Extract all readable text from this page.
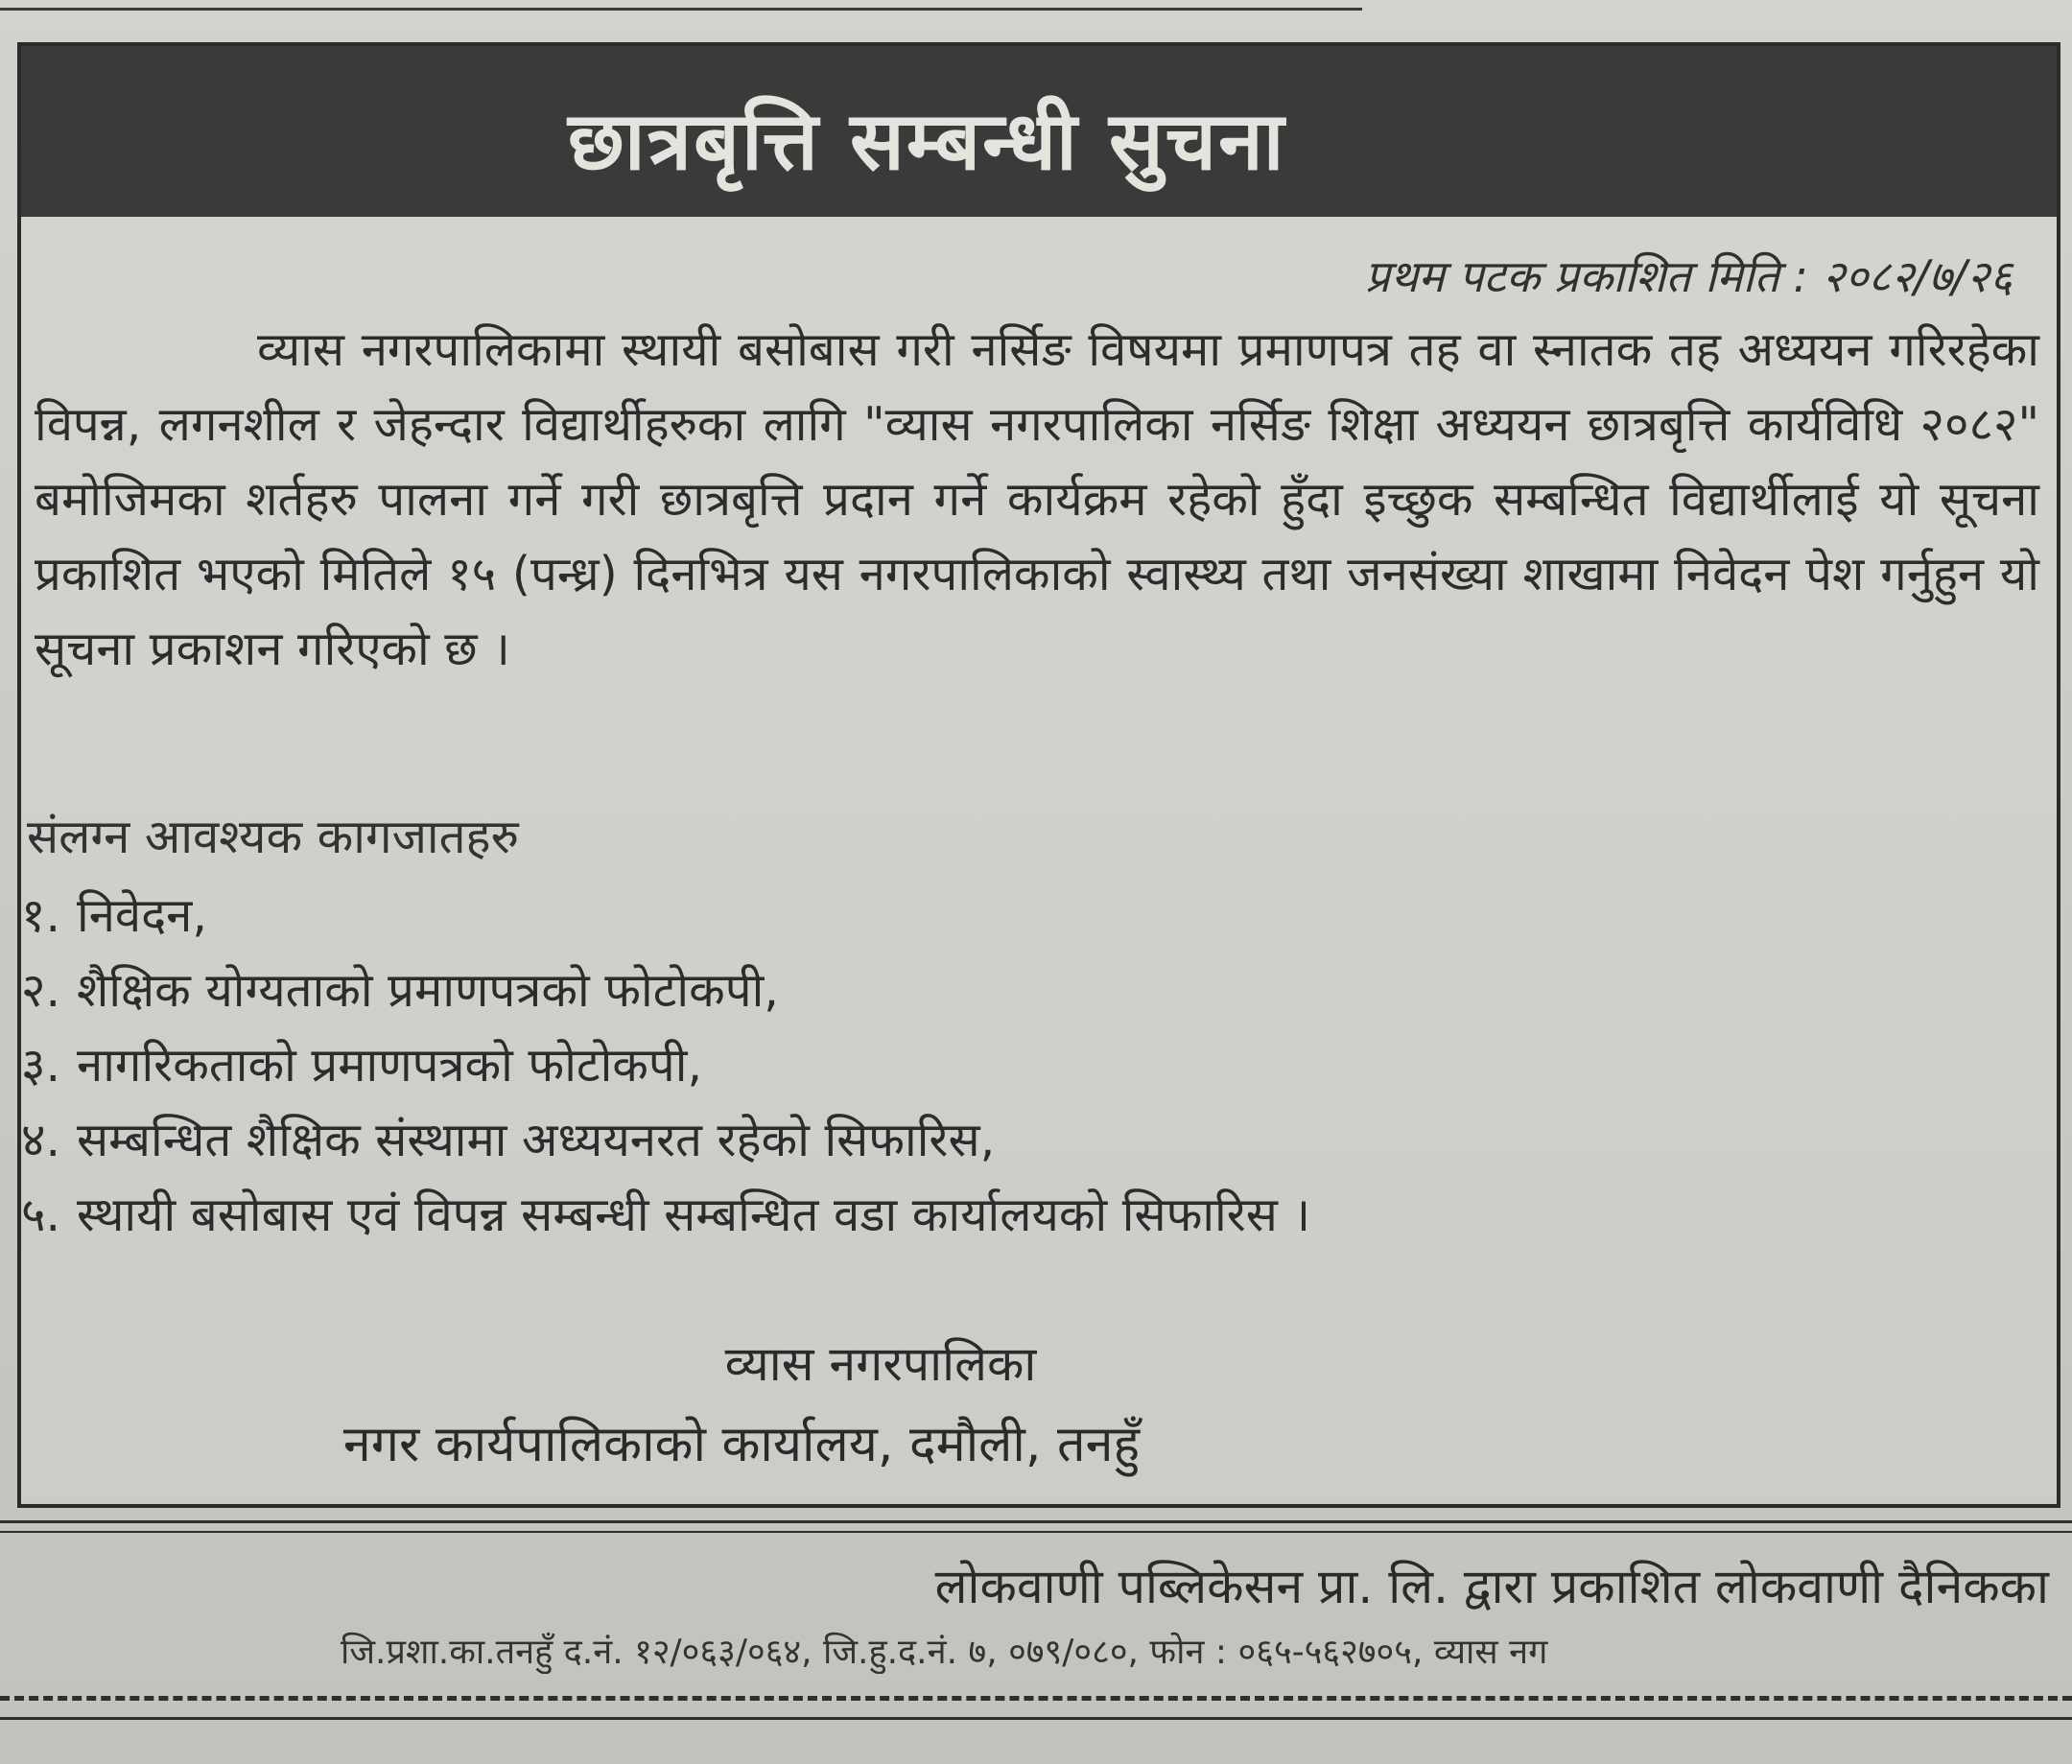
छात्रबृत्ति सम्बन्धी सुचना
प्रथम पटक प्रकाशित मिति : २०८२/७/२६
व्यास नगरपालिकामा स्थायी बसोबास गरी नर्सिङ विषयमा प्रमाणपत्र तह वा स्नातक तह अध्ययन गरिरहेका विपन्न, लगनशील र जेहन्दार विद्यार्थीहरुका लागि "व्यास नगरपालिका नर्सिङ शिक्षा अध्ययन छात्रबृत्ति कार्यविधि २०८२" बमोजिमका शर्तहरु पालना गर्ने गरी छात्रबृत्ति प्रदान गर्ने कार्यक्रम रहेको हुँदा इच्छुक सम्बन्धित विद्यार्थीलाई यो सूचना प्रकाशित भएको मितिले १५ (पन्ध्र) दिनभित्र यस नगरपालिकाको स्वास्थ्य तथा जनसंख्या शाखामा निवेदन पेश गर्नुहुन यो सूचना प्रकाशन गरिएको छ ।
संलग्न आवश्यक कागजातहरु
१. निवेदन,
२. शैक्षिक योग्यताको प्रमाणपत्रको फोटोकपी,
३. नागरिकताको प्रमाणपत्रको फोटोकपी,
४. सम्बन्धित शैक्षिक संस्थामा अध्ययनरत रहेको सिफारिस,
५. स्थायी बसोबास एवं विपन्न सम्बन्धी सम्बन्धित वडा कार्यालयको सिफारिस ।
व्यास नगरपालिका
नगर कार्यपालिकाको कार्यालय, दमौली, तनहुँ
लोकवाणी पब्लिकेसन प्रा. लि. द्वारा प्रकाशित लोकवाणी दैनिकका
जि.प्रशा.का.तनहुँ द.नं. १२/०६३/०६४, जि.हु.द.नं. ७, ०७९/०८०, फोन : ०६५-५६२७०५, व्यास नग
